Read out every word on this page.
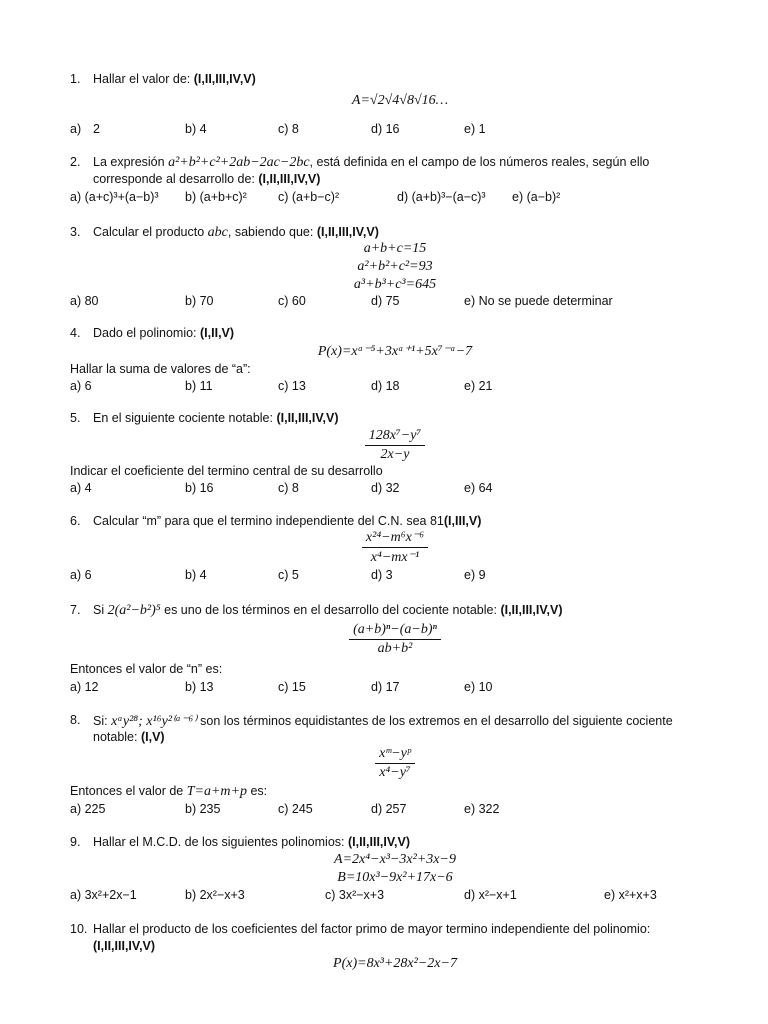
1. Hallar el valor de: (I,II,III,IV,V)
A=√2√4√8√16…
a) 2	b) 4	c) 8	d) 16	e) 1
2. La expresión a²+b²+c²+2ab−2ac−2bc, está definida en el campo de los números reales, según ello
corresponde al desarrollo de: (I,II,III,IV,V)
a) (a+c)³+(a−b)³ b) (a+b+c)² c) (a+b−c)²	d) (a+b)³−(a−c)³ e) (a−b)²
3. Calcular el producto abc, sabiendo que: (I,II,III,IV,V)
a+b+c=15
a²+b²+c²=93
a³+b³+c³=645
a) 80	b) 70	c) 60	d) 75	e) No se puede determinar
4. Dado el polinomio: (I,II,V)
P(x)=xᵃ⁻⁵+3xᵃ⁺¹+5x⁷⁻ᵃ−7
Hallar la suma de valores de “a”:
a) 6	b) 11	c) 13	d) 18	e) 21
5. En el siguiente cociente notable: (I,II,III,IV,V)
$\frac{\text{128x⁷−y⁷}}{2x-y}$
Indicar el coeficiente del termino central de su desarrollo
a) 4	b) 16	c) 8	d) 32	e) 64
6. Calcular “m” para que el termino independiente del C.N. sea 81(I,III,V)
$\frac{\text{x²⁴−m⁶x⁻⁶}}{\text{x⁴−mx⁻¹}}$
a) 6	b) 4	c) 5	d) 3	e) 9
7. Si 2(a²−b²)⁵ es uno de los términos en el desarrollo del cociente notable: (I,II,III,IV,V)
$\frac{\text{(a+b)ⁿ−(a−b)ⁿ}}{\text{ab+b²}}$
Entonces el valor de “n” es:
a) 12	b) 13	c) 15	d) 17	e) 10
8. Si: xᵃy²⁸; x¹⁶y²⁽ᵃ⁻⁶⁾ son los términos equidistantes de los extremos en el desarrollo del siguiente cociente
notable: (I,V)
$\frac{\text{xᵐ−yᵖ}}{\text{x⁴−y⁷}}$
Entonces el valor de T=a+m+p es:
a) 225	b) 235	c) 245	d) 257	e) 322
9. Hallar el M.C.D. de los siguientes polinomios: (I,II,III,IV,V)
A=2x⁴−x³−3x²+3x−9
B=10x³−9x²+17x−6
a) 3x²+2x−1	b) 2x²−x+3	c) 3x²−x+3	d) x²−x+1	e) x²+x+3
10. Hallar el producto de los coeficientes del factor primo de mayor termino independiente del polinomio:
(I,II,III,IV,V)
P(x)=8x³+28x²−2x−7
